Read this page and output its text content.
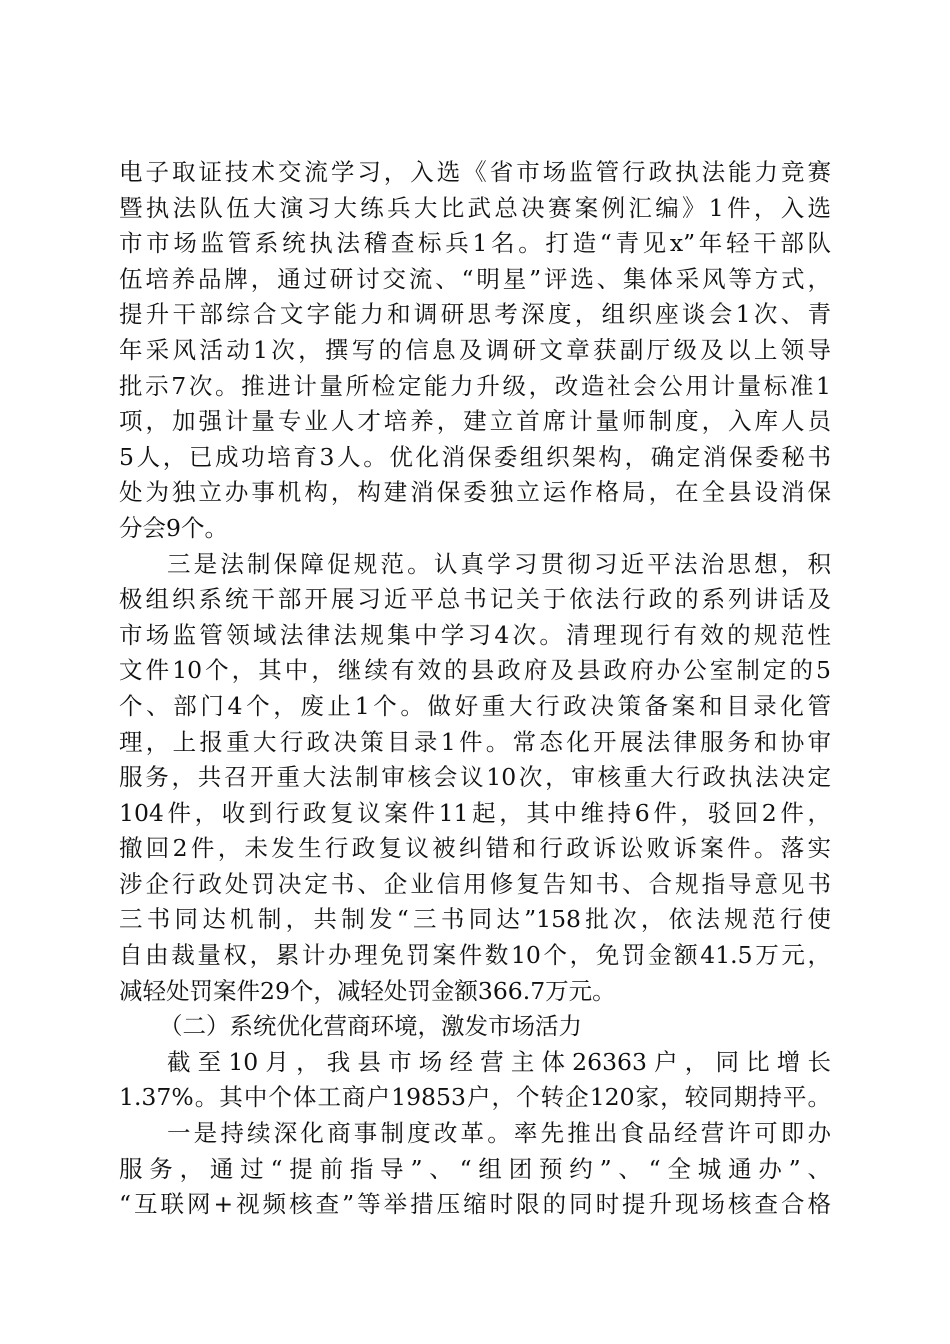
电子取证技术交流学习，入选《省市场监管行政执法能力竞赛
暨执法队伍大演习大练兵大比武总决赛案例汇编》1件，入选
市市场监管系统执法稽查标兵1名。打造“青见x”年轻干部队
伍培养品牌，通过研讨交流、“明星”评选、集体采风等方式，
提升干部综合文字能力和调研思考深度，组织座谈会1次、青
年采风活动1次，撰写的信息及调研文章获副厅级及以上领导
批示7次。推进计量所检定能力升级，改造社会公用计量标准1
项，加强计量专业人才培养，建立首席计量师制度，入库人员
5人，已成功培育3人。优化消保委组织架构，确定消保委秘书
处为独立办事机构，构建消保委独立运作格局，在全县设消保
分会9个。
三是法制保障促规范。认真学习贯彻习近平法治思想，积
极组织系统干部开展习近平总书记关于依法行政的系列讲话及
市场监管领域法律法规集中学习4次。清理现行有效的规范性
文件10个，其中，继续有效的县政府及县政府办公室制定的5
个、部门4个，废止1个。做好重大行政决策备案和目录化管
理，上报重大行政决策目录1件。常态化开展法律服务和协审
服务，共召开重大法制审核会议10次，审核重大行政执法决定
104件，收到行政复议案件11起，其中维持6件，驳回2件，
撤回2件，未发生行政复议被纠错和行政诉讼败诉案件。落实
涉企行政处罚决定书、企业信用修复告知书、合规指导意见书
三书同达机制，共制发“三书同达”158批次，依法规范行使
自由裁量权，累计办理免罚案件数10个，免罚金额41.5万元，
减轻处罚案件29个，减轻处罚金额366.7万元。
（二）系统优化营商环境，激发市场活力
截至10月，我县市场经营主体26363户，同比增长
1.37%。其中个体工商户19853户，个转企120家，较同期持平。
一是持续深化商事制度改革。率先推出食品经营许可即办
服务，通过“提前指导”、“组团预约”、“全城通办”、
“互联网+视频核查”等举措压缩时限的同时提升现场核查合格
